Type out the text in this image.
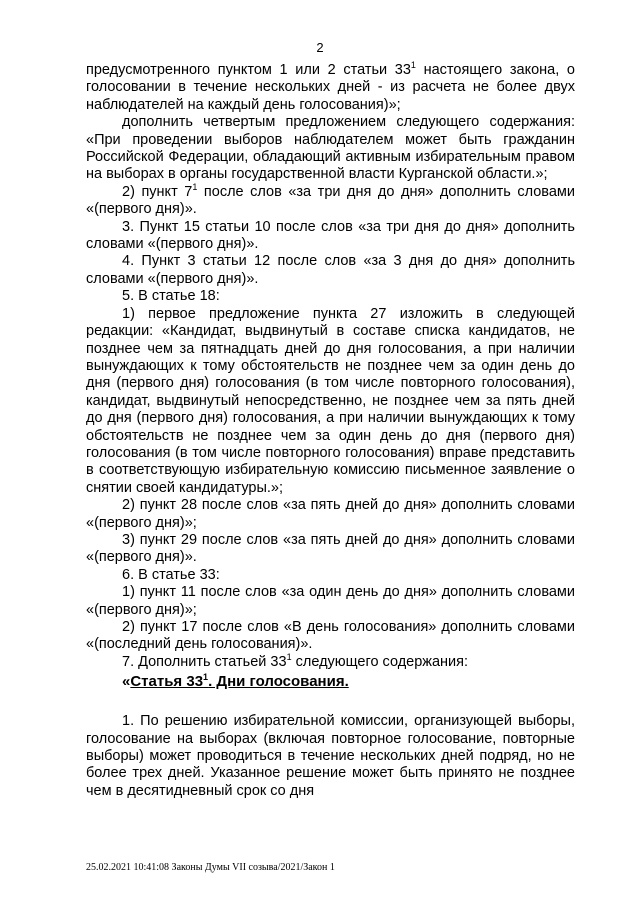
2

предусмотренного пунктом 1 или 2 статьи $33^1$ настоящего закона, о голосовании в течение нескольких дней - из расчета не более двух наблюдателей на каждый день голосования)»;

дополнить четвертым предложением следующего содержания: «При проведении выборов наблюдателем может быть гражданин Российской Федерации, обладающий активным избирательным правом на выборах в органы государственной власти Курганской области.»;

2) пункт $7^1$ после слов «за три дня до дня» дополнить словами «(первого дня)».

3. Пункт 15 статьи 10 после слов «за три дня до дня» дополнить словами «(первого дня)».

4. Пункт 3 статьи 12 после слов «за 3 дня до дня» дополнить словами «(первого дня)».

5. В статье 18:

1) первое предложение пункта 27 изложить в следующей редакции: «Кандидат, выдвинутый в составе списка кандидатов, не позднее чем за пятнадцать дней до дня голосования, а при наличии вынуждающих к тому обстоятельств не позднее чем за один день до дня (первого дня) голосования (в том числе повторного голосования), кандидат, выдвинутый непосредственно, не позднее чем за пять дней до дня (первого дня) голосования, а при наличии вынуждающих к тому обстоятельств не позднее чем за один день до дня (первого дня) голосования (в том числе повторного голосования) вправе представить в соответствующую избирательную комиссию письменное заявление о снятии своей кандидатуры.»;

2) пункт 28 после слов «за пять дней до дня» дополнить словами «(первого дня)»;

3) пункт 29 после слов «за пять дней до дня» дополнить словами «(первого дня)».

6. В статье 33:

1) пункт 11 после слов «за один день до дня» дополнить словами «(первого дня)»;

2) пункт 17 после слов «В день голосования» дополнить словами «(последний день голосования)».

7. Дополнить статьей $33^1$ следующего содержания:

«Статья $33^1$. Дни голосования.

1. По решению избирательной комиссии, организующей выборы, голосование на выборах (включая повторное голосование, повторные выборы) может проводиться в течение нескольких дней подряд, но не более трех дней. Указанное решение может быть принято не позднее чем в десятидневный срок со дня

25.02.2021 10:41:08 Законы Думы VII созыва/2021/Закон 1
